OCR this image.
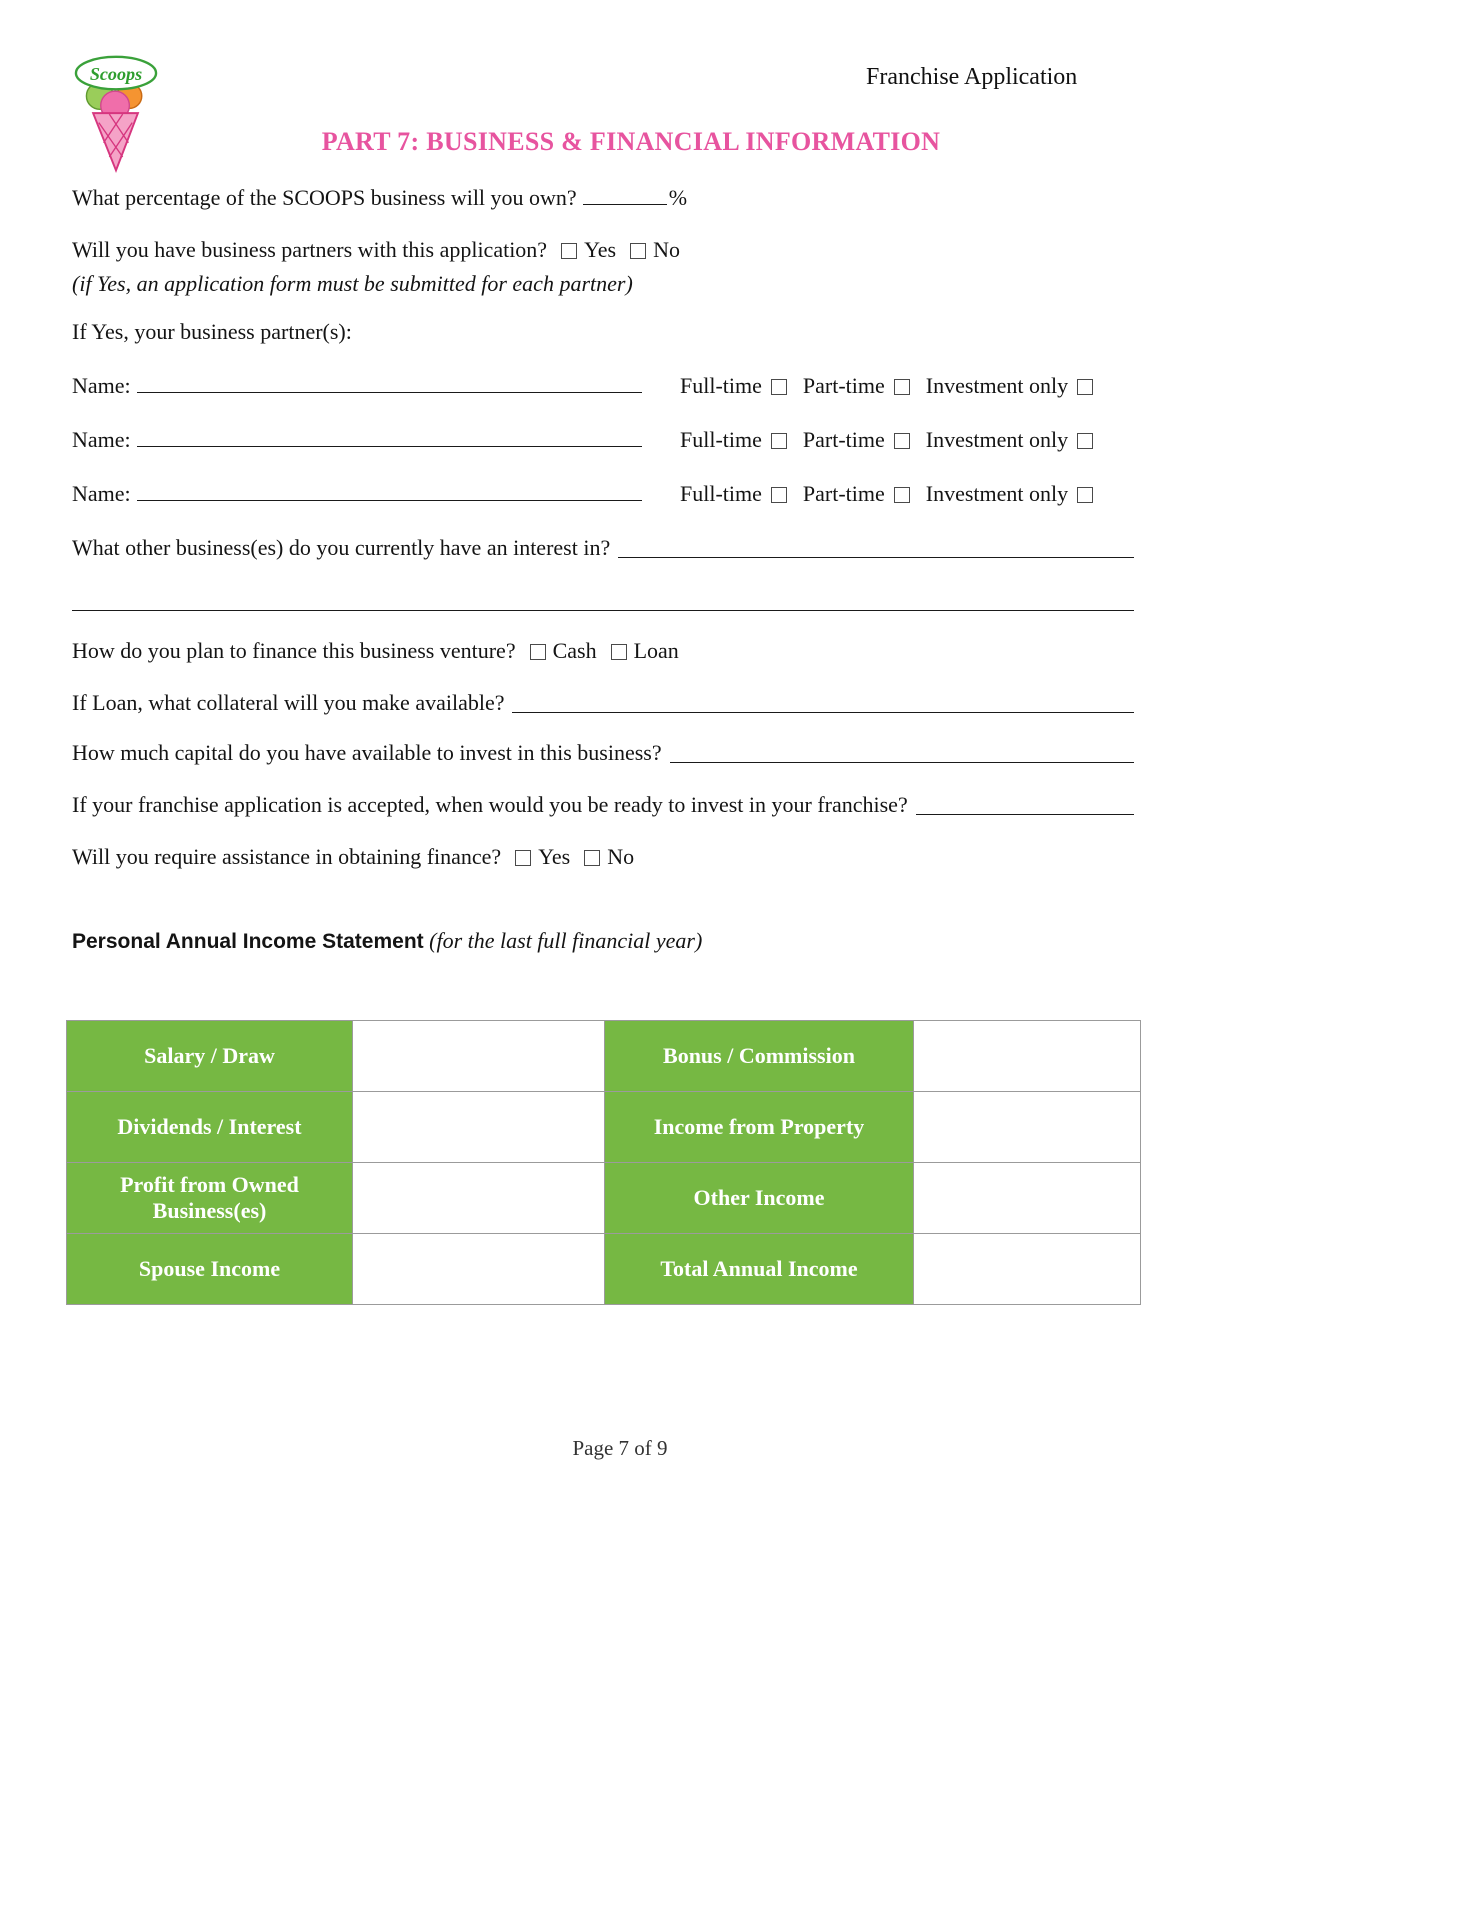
Scoops	Franchise Application
PART 7: BUSINESS & FINANCIAL INFORMATION

What percentage of the SCOOPS business will you own?	%

Will you have business partners with this application? Yes No

(if Yes, an application form must be submitted for each partner)

If Yes, your business partner(s):

Name:	Full-time Part-time Investment only
Name:	Full-time Part-time Investment only
Name:	Full-time Part-time Investment only
What other business(es) do you currently have an interest in?

How do you plan to finance this business venture? Cash Loan

If Loan, what collateral will you make available?
How much capital do you have available to invest in this business?
If your franchise application is accepted, when would you be ready to invest in your franchise?

Will you require assistance in obtaining finance? Yes No

Personal Annual Income Statement (for the last full financial year)

Salary / Draw		Bonus / Commission	
Dividends / Interest		Income from Property	
Profit from Owned Business(es)		Other Income	
Spouse Income		Total Annual Income	
Page 7 of 9
